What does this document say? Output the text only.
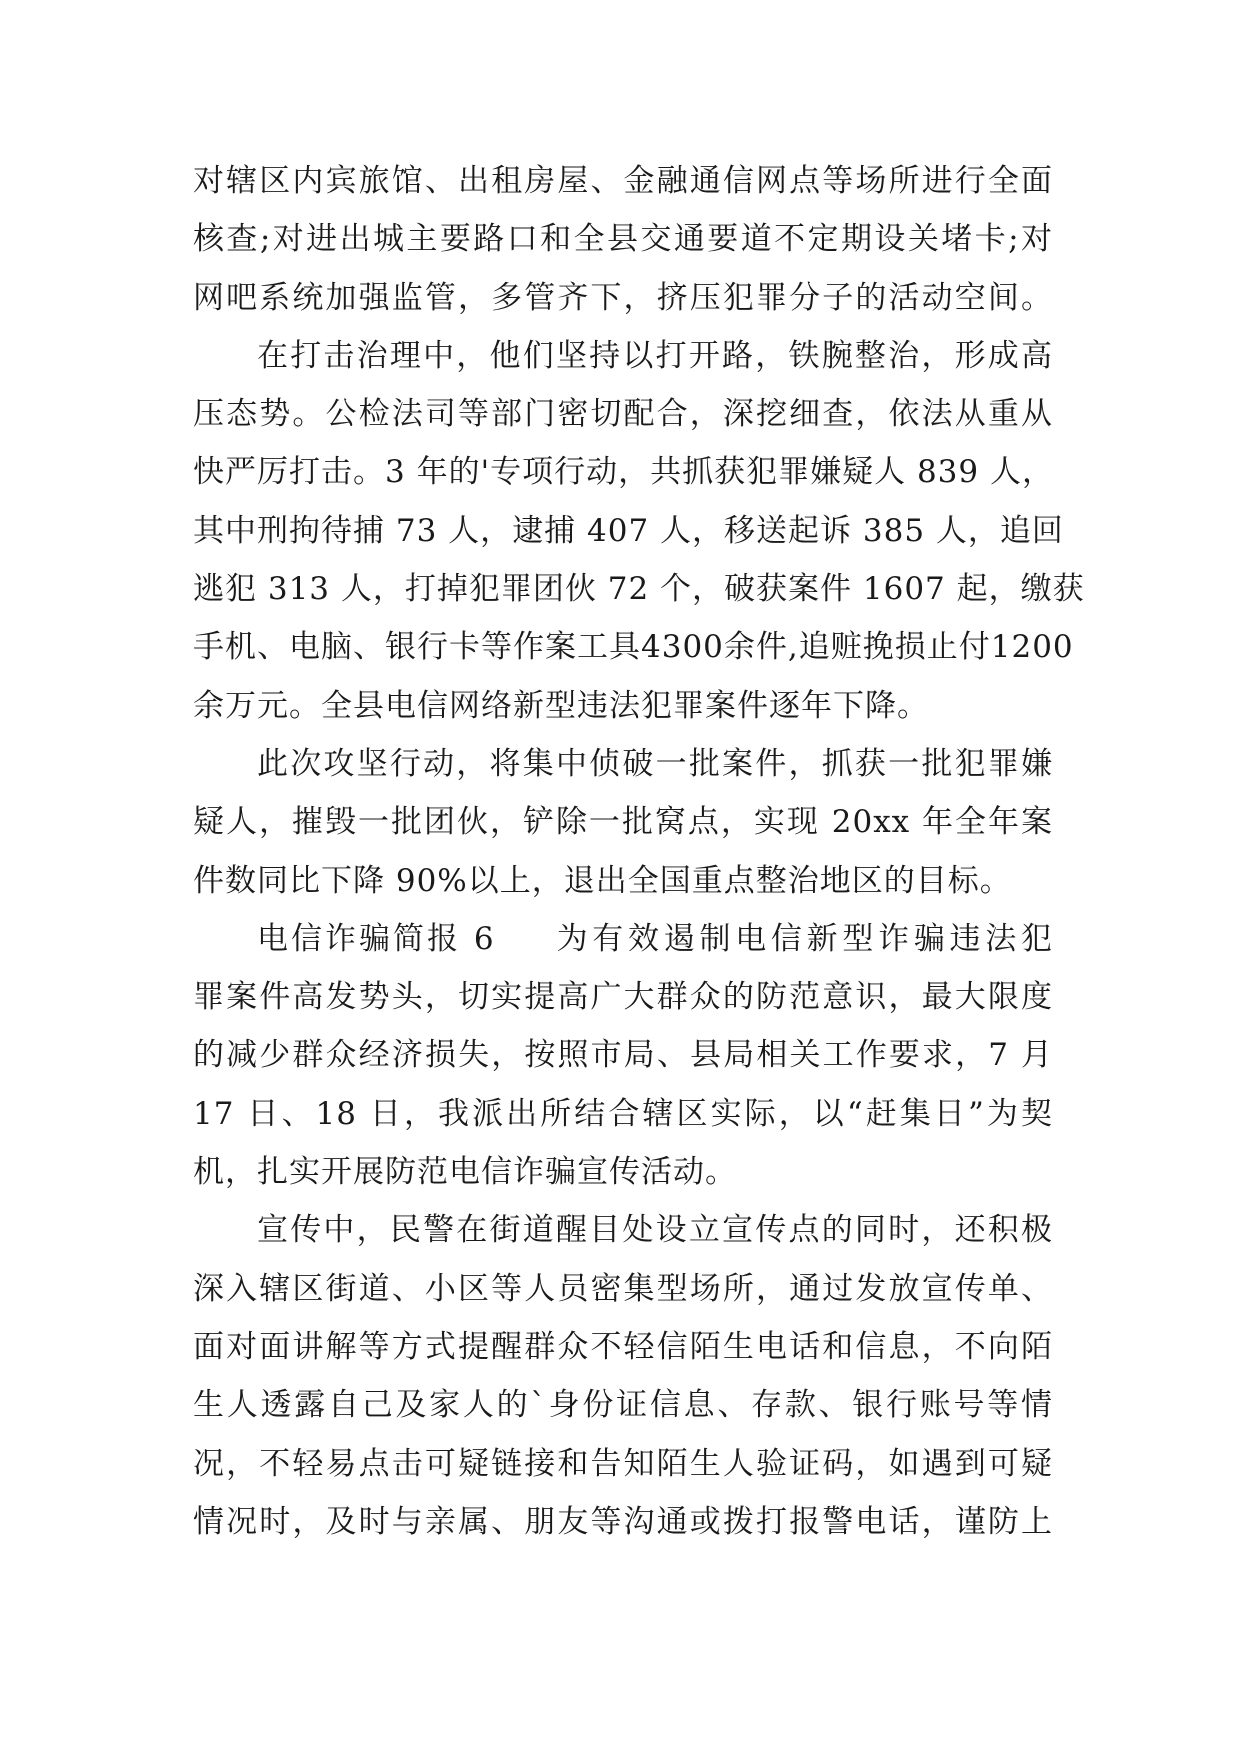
对辖区内宾旅馆、出租房屋、金融通信网点等场所进行全面
核查;对进出城主要路口和全县交通要道不定期设关堵卡;对
网吧系统加强监管，多管齐下，挤压犯罪分子的活动空间。
在打击治理中，他们坚持以打开路，铁腕整治，形成高
压态势。公检法司等部门密切配合，深挖细查，依法从重从
快严厉打击。3 年的'专项行动，共抓获犯罪嫌疑人 839 人，
其中刑拘待捕 73 人，逮捕 407 人，移送起诉 385 人，追回
逃犯 313 人，打掉犯罪团伙 72 个，破获案件 1607 起，缴获
手机、电脑、银行卡等作案工具4300余件,追赃挽损止付1200
余万元。全县电信网络新型违法犯罪案件逐年下降。
此次攻坚行动，将集中侦破一批案件，抓获一批犯罪嫌
疑人，摧毁一批团伙，铲除一批窝点，实现 20xx 年全年案
件数同比下降 90%以上，退出全国重点整治地区的目标。
电信诈骗简报 6 为有效遏制电信新型诈骗违法犯
罪案件高发势头，切实提高广大群众的防范意识，最大限度
的减少群众经济损失，按照市局、县局相关工作要求，7 月
17 日、18 日，我派出所结合辖区实际，以“赶集日”为契
机，扎实开展防范电信诈骗宣传活动。
宣传中，民警在街道醒目处设立宣传点的同时，还积极
深入辖区街道、小区等人员密集型场所，通过发放宣传单、
面对面讲解等方式提醒群众不轻信陌生电话和信息，不向陌
生人透露自己及家人的`身份证信息、存款、银行账号等情
况，不轻易点击可疑链接和告知陌生人验证码，如遇到可疑
情况时，及时与亲属、朋友等沟通或拨打报警电话，谨防上
